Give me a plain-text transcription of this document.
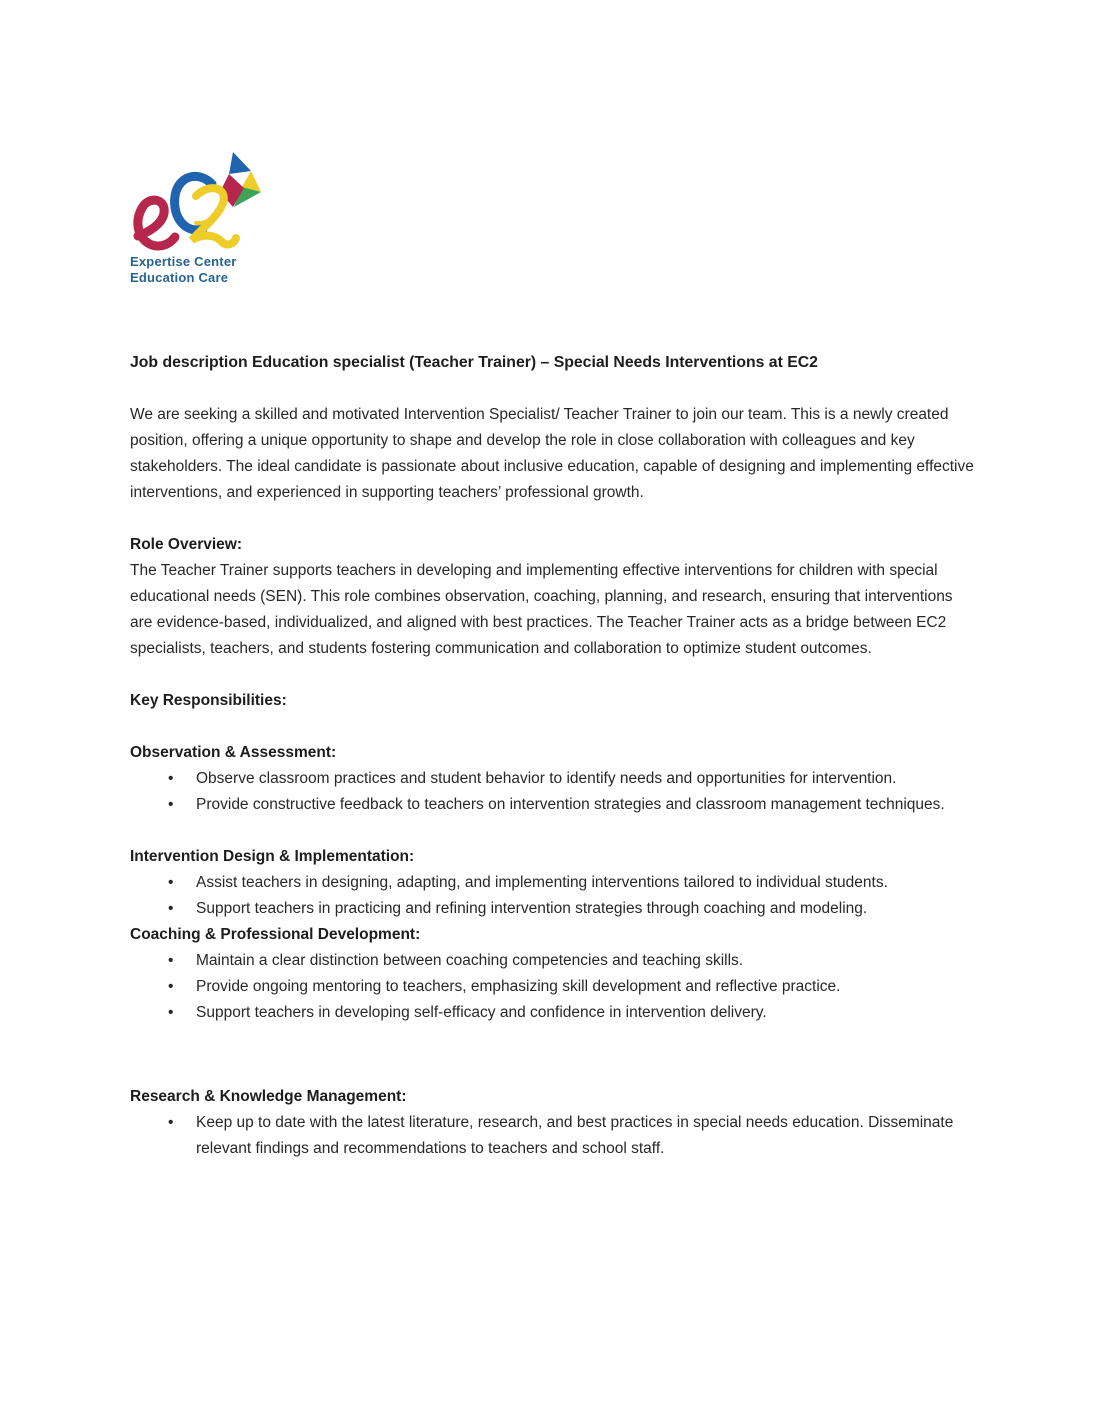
Expertise Center
Education Care

Job description Education specialist (Teacher Trainer) – Special Needs Interventions at EC2

We are seeking a skilled and motivated Intervention Specialist/ Teacher Trainer to join our team. This is a newly created position, offering a unique opportunity to shape and develop the role in close collaboration with colleagues and key stakeholders. The ideal candidate is passionate about inclusive education, capable of designing and implementing effective interventions, and experienced in supporting teachers’ professional growth.

Role Overview:

The Teacher Trainer supports teachers in developing and implementing effective interventions for children with special educational needs (SEN). This role combines observation, coaching, planning, and research, ensuring that interventions are evidence-based, individualized, and aligned with best practices. The Teacher Trainer acts as a bridge between EC2 specialists, teachers, and students fostering communication and collaboration to optimize student outcomes.

Key Responsibilities:

Observation & Assessment:

• Observe classroom practices and student behavior to identify needs and opportunities for intervention.
• Provide constructive feedback to teachers on intervention strategies and classroom management techniques.

Intervention Design & Implementation:

• Assist teachers in designing, adapting, and implementing interventions tailored to individual students.
• Support teachers in practicing and refining intervention strategies through coaching and modeling.

Coaching & Professional Development:

• Maintain a clear distinction between coaching competencies and teaching skills.
• Provide ongoing mentoring to teachers, emphasizing skill development and reflective practice.
• Support teachers in developing self-efficacy and confidence in intervention delivery.

Research & Knowledge Management:

• Keep up to date with the latest literature, research, and best practices in special needs education. Disseminate relevant findings and recommendations to teachers and school staff.
